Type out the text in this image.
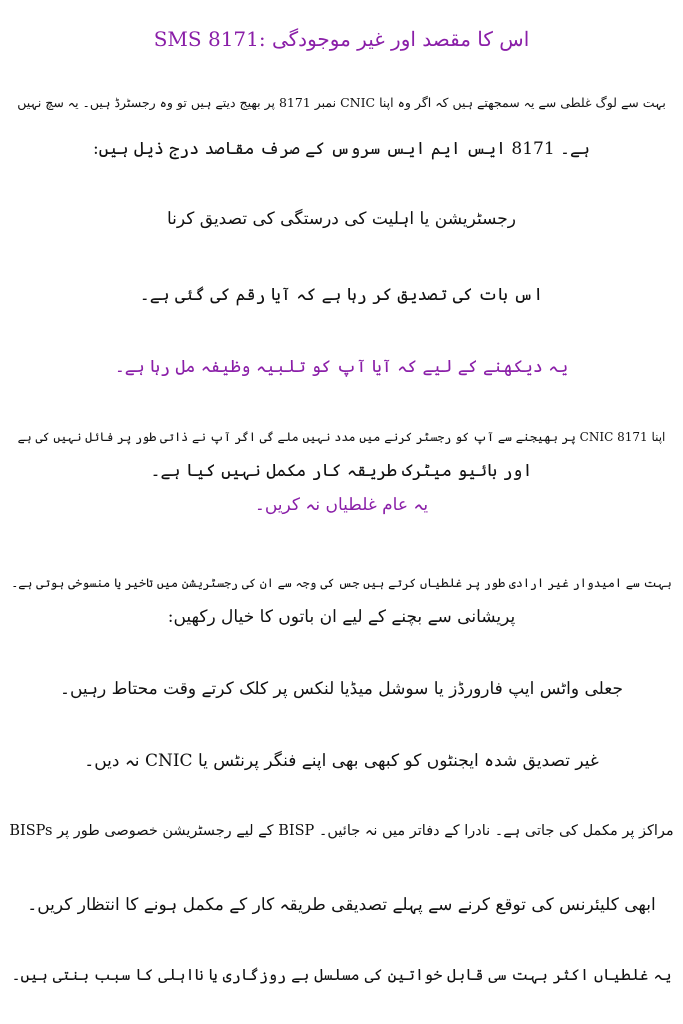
SMS 8171: اس کا مقصد اور غیر موجودگی
بہت سے لوگ غلطی سے یہ سمجھتے ہیں کہ اگر وہ اپنا CNIC نمبر 8171 پر بھیج دیتے ہیں تو وہ رجسٹرڈ ہیں۔ یہ سچ نہیں
ہے۔ 8171 ایس ایم ایس سروس کے صرف مقاصد درج ذیل ہیں:
رجسٹریشن یا اہلیت کی درستگی کی تصدیق کرنا
اس بات کی تصدیق کر رہا ہے کہ آیا رقم کی گئی ہے۔
یہ دیکھنے کے لیے کہ آیا آپ کو تلبیہ وظیفہ مل رہا ہے۔
اپنا CNIC 8171 پر بھیجنے سے آپ کو رجسٹر کرنے میں مدد نہیں ملے گی اگر آپ نے ذاتی طور پر فائل نہیں کی ہے
اور بائیو میٹرک طریقہ کار مکمل نہیں کیا ہے۔
یہ عام غلطیاں نہ کریں۔
بہت سے امیدوار غیر ارادی طور پر غلطیاں کرتے ہیں جس کی وجہ سے ان کی رجسٹریشن میں تاخیر یا منسوخی ہوتی ہے۔
پریشانی سے بچنے کے لیے ان باتوں کا خیال رکھیں:
جعلی واٹس ایپ فارورڈز یا سوشل میڈیا لنکس پر کلک کرتے وقت محتاط رہیں۔
غیر تصدیق شدہ ایجنٹوں کو کبھی بھی اپنے فنگر پرنٹس یا CNIC نہ دیں۔
BISPs کے لیے رجسٹریشن خصوصی طور پر BISP مراکز پر مکمل کی جاتی ہے۔ نادرا کے دفاتر میں نہ جائیں۔
ابھی کلیئرنس کی توقع کرنے سے پہلے تصدیقی طریقہ کار کے مکمل ہونے کا انتظار کریں۔
یہ غلطیاں اکثر بہت سی قابل خواتین کی مسلسل بے روزگاری یا نااہلی کا سبب بنتی ہیں۔
